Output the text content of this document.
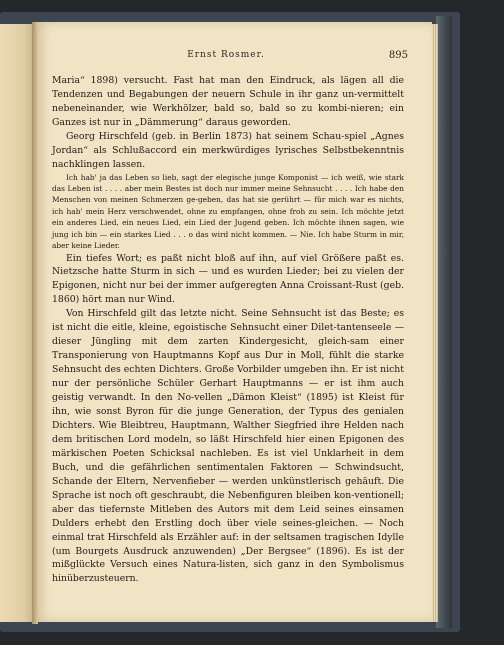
Ernst Rosmer.	895

Maria“ 1898) versucht. Fast hat man den Eindruck, als lägen all die Tendenzen und Begabungen der neuern Schule in ihr ganz un‑vermittelt nebeneinander, wie Werkhölzer, bald so, bald so zu kombi‑nieren; ein Ganzes ist nur in „Dämmerung“ daraus geworden.

Georg Hirschfeld (geb. in Berlin 1873) hat seinem Schau‑spiel „Agnes Jordan“ als Schlußaccord ein merkwürdiges lyrisches Selbstbekenntnis nachklingen lassen.

Ich hab' ja das Leben so lieb, sagt der elegische junge Komponist — ich weiß, wie stark das Leben ist . . . . aber mein Bestes ist doch nur immer meine Sehnsucht . . . . Ich habe den Menschen von meinen Schmerzen ge‑geben, das hat sie gerührt — für mich war es nichts, ich hab' mein Herz verschwendet, ohne zu empfangen, ohne froh zu sein. Ich möchte jetzt ein anderes Lied, ein neues Lied, ein Lied der Jugend geben. Ich möchte ihnen sagen, wie jung ich bin — ein starkes Lied . . . o das wird nicht kommen. — Nie. Ich habe Sturm in mir, aber keine Lieder.

Ein tiefes Wort; es paßt nicht bloß auf ihn, auf viel Größere paßt es. Nietzsche hatte Sturm in sich — und es wurden Lieder; bei zu vielen der Epigonen, nicht nur bei der immer aufgeregten Anna Croissant‑Rust (geb. 1860) hört man nur Wind.

Von Hirschfeld gilt das letzte nicht. Seine Sehnsucht ist das Beste; es ist nicht die eitle, kleine, egoistische Sehnsucht einer Dilet‑tantenseele — dieser Jüngling mit dem zarten Kindergesicht, gleich‑sam einer Transponierung von Hauptmanns Kopf aus Dur in Moll, fühlt die starke Sehnsucht des echten Dichters. Große Vorbilder umgeben ihn. Er ist nicht nur der persönliche Schüler Gerhart Hauptmanns — er ist ihm auch geistig verwandt. In den No‑vellen „Dämon Kleist“ (1895) ist Kleist für ihn, wie sonst Byron für die junge Generation, der Typus des genialen Dichters. Wie Bleibtreu, Hauptmann, Walther Siegfried ihre Helden nach dem britischen Lord modeln, so läßt Hirschfeld hier einen Epigonen des märkischen Poeten Schicksal nachleben. Es ist viel Unklarheit in dem Buch, und die gefährlichen sentimentalen Faktoren — Schwindsucht, Schande der Eltern, Nervenfieber — werden unkünstlerisch gehäuft. Die Sprache ist noch oft geschraubt, die Nebenfiguren bleiben kon‑ventionell; aber das tiefernste Mitleben des Autors mit dem Leid seines einsamen Dulders erhebt den Erstling doch über viele seines‑gleichen. — Noch einmal trat Hirschfeld als Erzähler auf: in der seltsamen tragischen Idylle (um Bourgets Ausdruck anzuwenden) „Der Bergsee“ (1896). Es ist der mißglückte Versuch eines Natura‑listen, sich ganz in den Symbolismus hinüberzusteuern.
